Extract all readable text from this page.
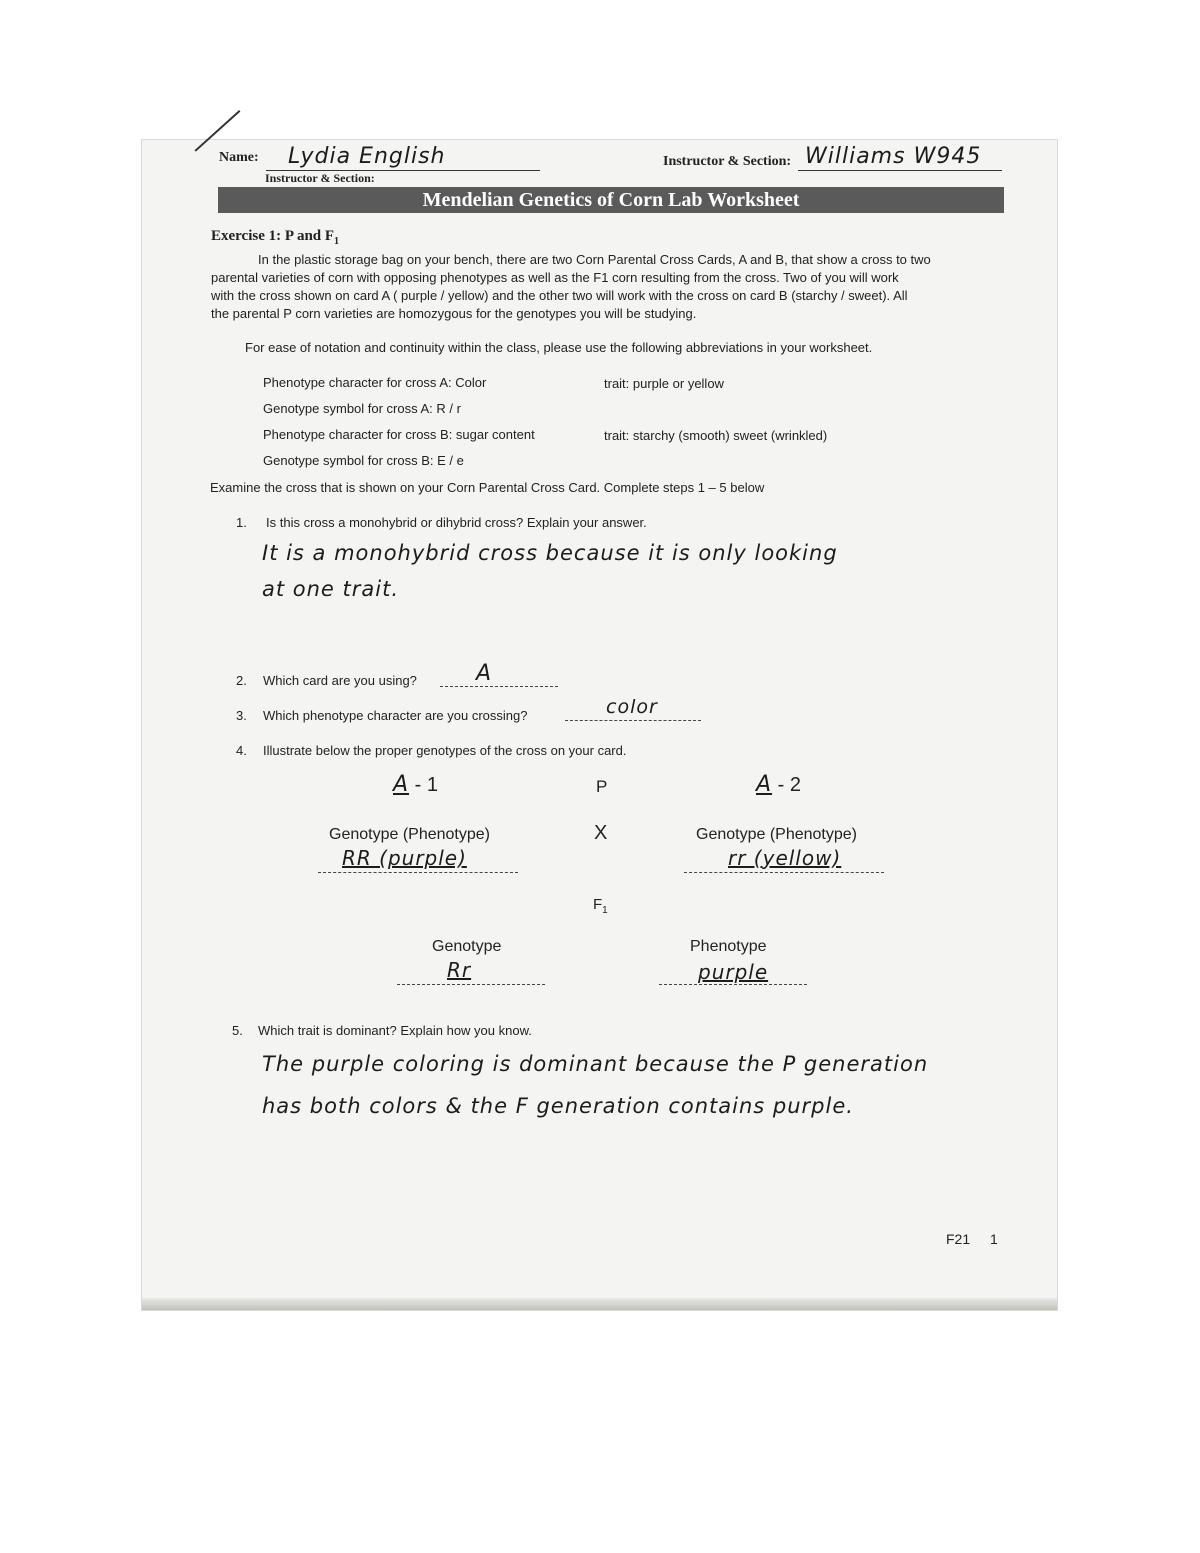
Name: Lydia English
Instructor & Section:
Instructor & Section: Williams W945
Mendelian Genetics of Corn Lab Worksheet
Exercise 1: P and $F_1$
In the plastic storage bag on your bench, there are two Corn Parental Cross Cards, A and B, that show a cross to two
parental varieties of corn with opposing phenotypes as well as the F1 corn resulting from the cross. Two of you will work
with the cross shown on card A ( purple / yellow) and the other two will work with the cross on card B (starchy / sweet). All
the parental P corn varieties are homozygous for the genotypes you will be studying.
For ease of notation and continuity within the class, please use the following abbreviations in your worksheet.
Phenotype character for cross A: Color	trait: purple or yellow
Genotype symbol for cross A: R / r
Phenotype character for cross B: sugar content	trait: starchy (smooth) sweet (wrinkled)
Genotype symbol for cross B: E / e
Examine the cross that is shown on your Corn Parental Cross Card. Complete steps 1 – 5 below
1. Is this cross a monohybrid or dihybrid cross? Explain your answer.
It is a monohybrid cross because it is only looking
at one trait.
2. Which card are you using?	A
3. Which phenotype character are you crossing?	color
4. Illustrate below the proper genotypes of the cross on your card.
A - 1	P	A - 2
Genotype (Phenotype)	X	Genotype (Phenotype)
RR (purple)	rr (yellow)
$F_1$
Genotype	Phenotype
Rr	purple
5. Which trait is dominant? Explain how you know.
The purple coloring is dominant because the P generation
has both colors & the F generation contains purple.
F21 1
